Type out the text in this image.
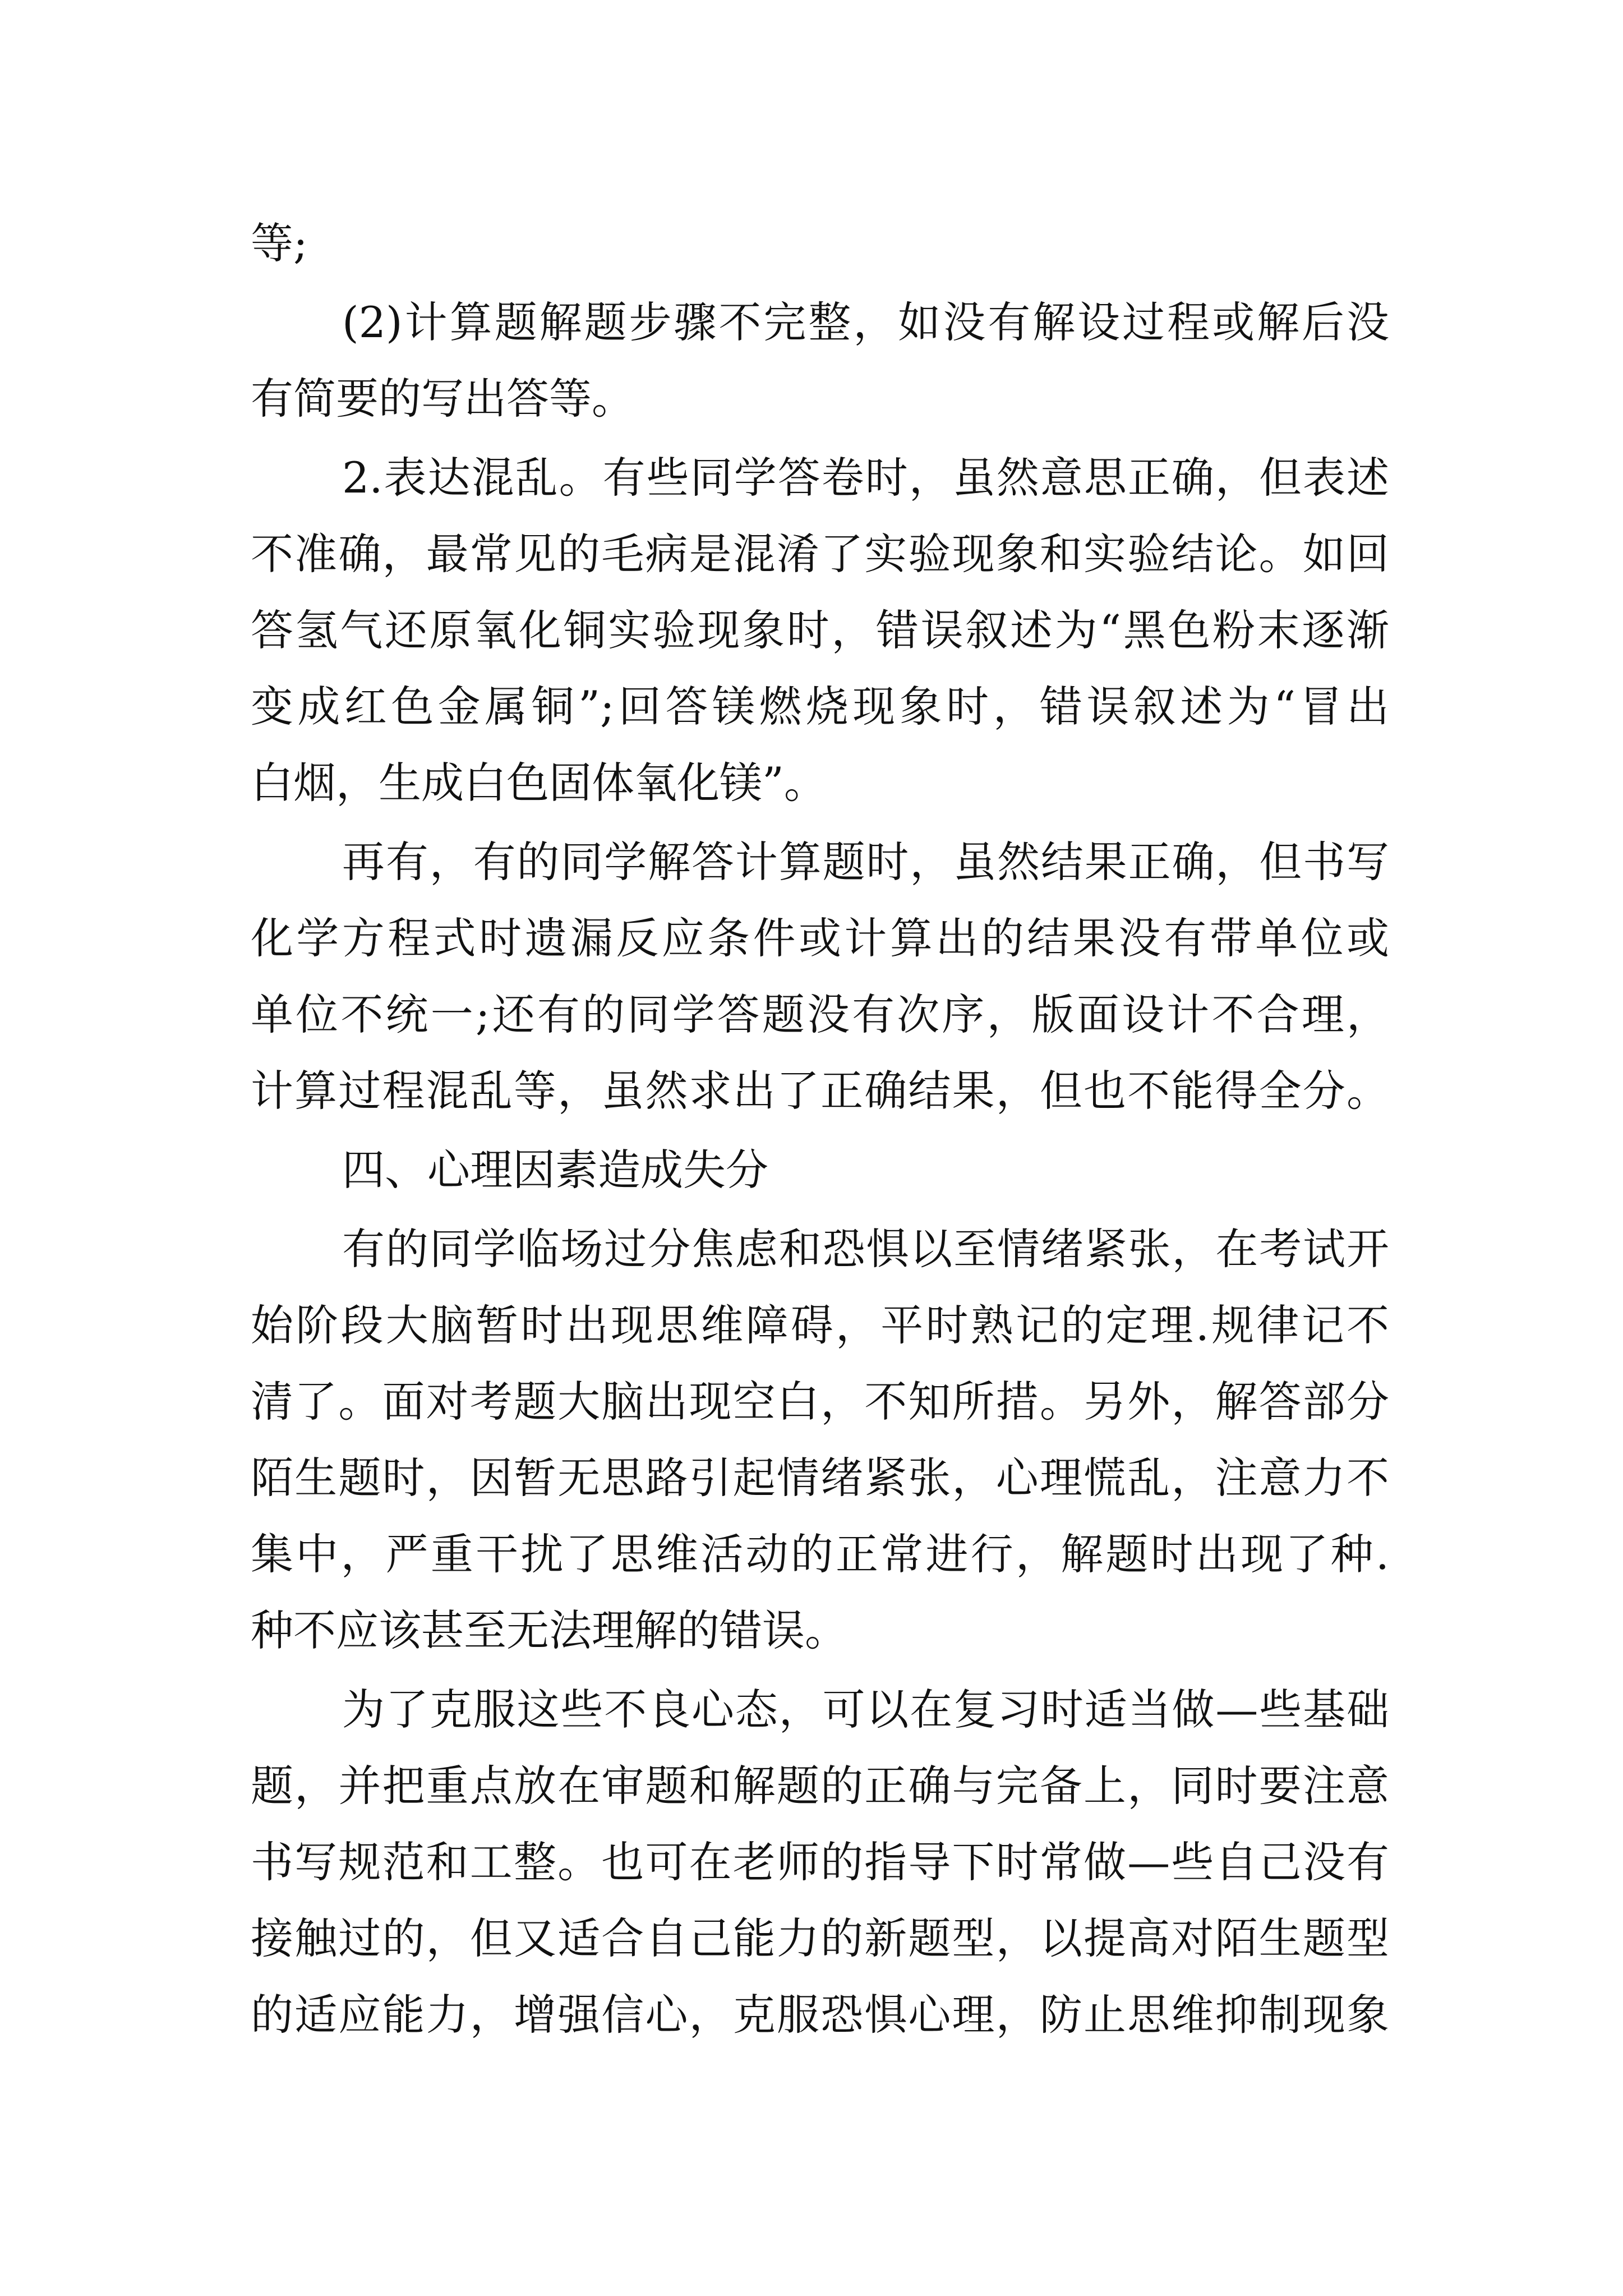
等;
(2)计算题解题步骤不完整，如没有解设过程或解后没
有简要的写出答等。
2.表达混乱。有些同学答卷时，虽然意思正确，但表述
不准确，最常见的毛病是混淆了实验现象和实验结论。如回
答氢气还原氧化铜实验现象时，错误叙述为“黑色粉末逐渐
变成红色金属铜”;回答镁燃烧现象时，错误叙述为“冒出
白烟，生成白色固体氧化镁”。
再有，有的同学解答计算题时，虽然结果正确，但书写
化学方程式时遗漏反应条件或计算出的结果没有带单位或
单位不统一;还有的同学答题没有次序，版面设计不合理，
计算过程混乱等，虽然求出了正确结果，但也不能得全分。
四、心理因素造成失分
有的同学临场过分焦虑和恐惧以至情绪紧张，在考试开
始阶段大脑暂时出现思维障碍，平时熟记的定理.规律记不
清了。面对考题大脑出现空白，不知所措。另外，解答部分
陌生题时，因暂无思路引起情绪紧张，心理慌乱，注意力不
集中，严重干扰了思维活动的正常进行，解题时出现了种.
种不应该甚至无法理解的错误。
为了克服这些不良心态，可以在复习时适当做—些基础
题，并把重点放在审题和解题的正确与完备上，同时要注意
书写规范和工整。也可在老师的指导下时常做—些自己没有
接触过的，但又适合自己能力的新题型，以提高对陌生题型
的适应能力，增强信心，克服恐惧心理，防止思维抑制现象
